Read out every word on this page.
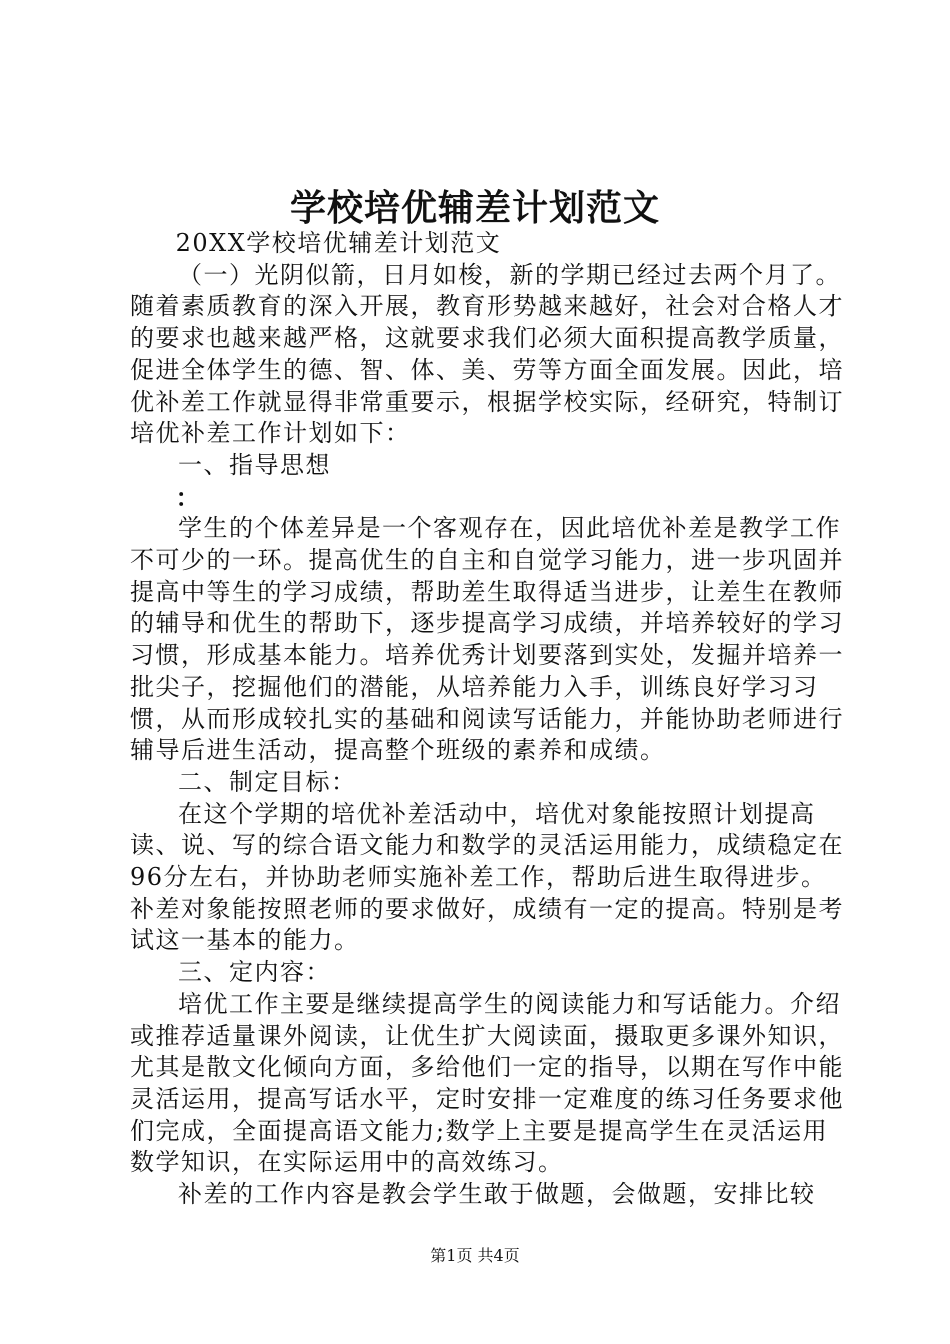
学校培优辅差计划范文

20XX学校培优辅差计划范文

（一）光阴似箭，日月如梭，新的学期已经过去两个月了。随着素质教育的深入开展，教育形势越来越好，社会对合格人才的要求也越来越严格，这就要求我们必须大面积提高教学质量，促进全体学生的德、智、体、美、劳等方面全面发展。因此，培优补差工作就显得非常重要示，根据学校实际，经研究，特制订培优补差工作计划如下：

一、指导思想

：

学生的个体差异是一个客观存在，因此培优补差是教学工作不可少的一环。提高优生的自主和自觉学习能力，进一步巩固并提高中等生的学习成绩，帮助差生取得适当进步，让差生在教师的辅导和优生的帮助下，逐步提高学习成绩，并培养较好的学习习惯，形成基本能力。培养优秀计划要落到实处，发掘并培养一批尖子，挖掘他们的潜能，从培养能力入手，训练良好学习习惯，从而形成较扎实的基础和阅读写话能力，并能协助老师进行辅导后进生活动，提高整个班级的素养和成绩。

二、制定目标：

在这个学期的培优补差活动中，培优对象能按照计划提高读、说、写的综合语文能力和数学的灵活运用能力，成绩稳定在96分左右，并协助老师实施补差工作，帮助后进生取得进步。补差对象能按照老师的要求做好，成绩有一定的提高。特别是考试这一基本的能力。

三、定内容：

培优工作主要是继续提高学生的阅读能力和写话能力。介绍或推荐适量课外阅读，让优生扩大阅读面，摄取更多课外知识，尤其是散文化倾向方面，多给他们一定的指导，以期在写作中能灵活运用，提高写话水平，定时安排一定难度的练习任务要求他们完成，全面提高语文能力;数学上主要是提高学生在灵活运用数学知识，在实际运用中的高效练习。

补差的工作内容是教会学生敢于做题，会做题，安排比较

第1页 共4页
